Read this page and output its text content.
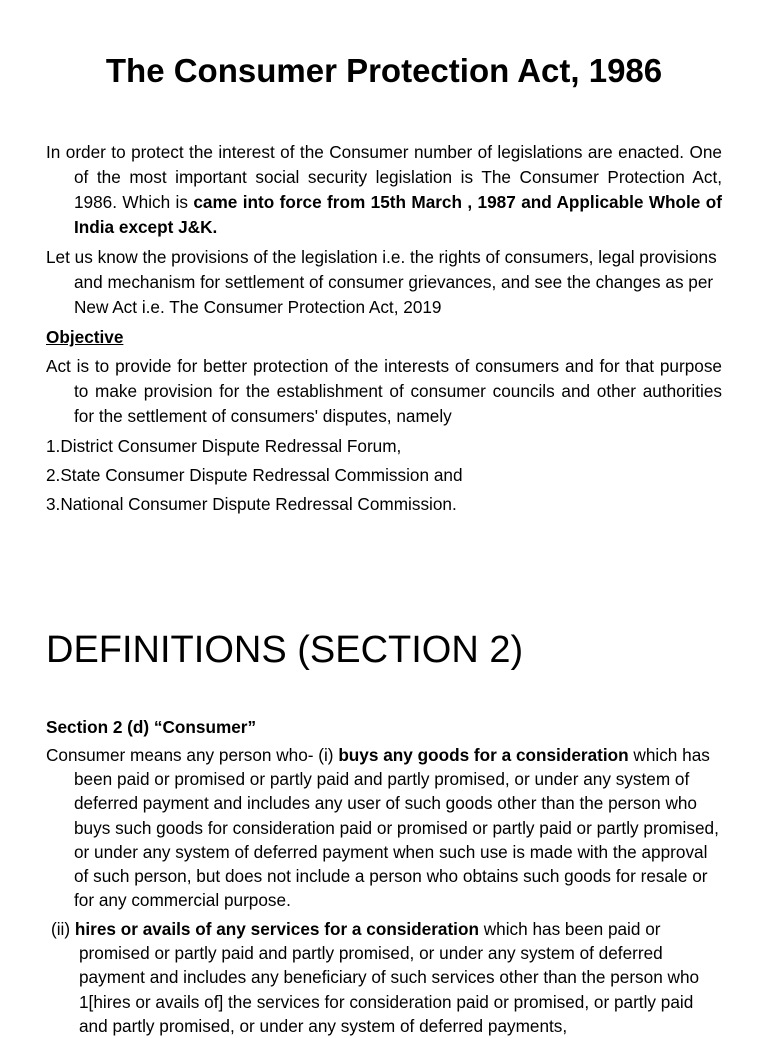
The Consumer Protection Act, 1986
In order to protect the interest of the Consumer number of legislations are enacted. One of the most important social security legislation is The Consumer Protection Act, 1986. Which is came into force from 15th March , 1987 and Applicable Whole of India except J&K.
Let us know the provisions of the legislation i.e. the rights of consumers, legal provisions and mechanism for settlement of consumer grievances, and see the changes as per New Act i.e. The Consumer Protection Act, 2019
Objective
Act is to provide for better protection of the interests of consumers and for that purpose to make provision for the establishment of consumer councils and other authorities for the settlement of consumers' disputes, namely
1.District Consumer Dispute Redressal Forum,
2.State Consumer Dispute Redressal Commission and
3.National Consumer Dispute Redressal Commission.
DEFINITIONS (SECTION 2)
Section 2 (d) “Consumer”
Consumer means any person who- (i) buys any goods for a consideration which has been paid or promised or partly paid and partly promised, or under any system of deferred payment and includes any user of such goods other than the person who buys such goods for consideration paid or promised or partly paid or partly promised, or under any system of deferred payment when such use is made with the approval of such person, but does not include a person who obtains such goods for resale or for any commercial purpose.
(ii) hires or avails of any services for a consideration which has been paid or promised or partly paid and partly promised, or under any system of deferred payment and includes any beneficiary of such services other than the person who 1[hires or avails of] the services for consideration paid or promised, or partly paid and partly promised, or under any system of deferred payments,
